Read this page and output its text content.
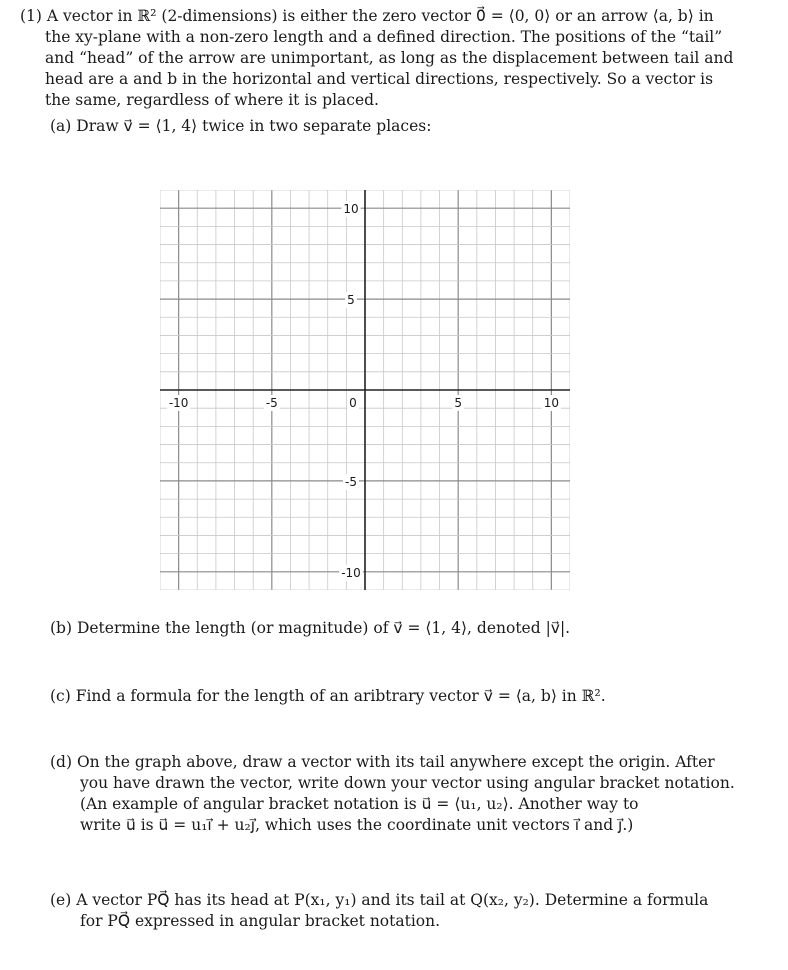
(1) A vector in ℝ² (2-dimensions) is either the zero vector 0⃗ = ⟨0, 0⟩ or an arrow ⟨a, b⟩ in
the xy-plane with a non-zero length and a defined direction. The positions of the “tail”
and “head” of the arrow are unimportant, as long as the displacement between tail and
head are a and b in the horizontal and vertical directions, respectively. So a vector is
the same, regardless of where it is placed.
(a) Draw v⃗ = ⟨1, 4⟩ twice in two separate places:
-10	-5	0	5	10
10
5
-5
-10
(b) Determine the length (or magnitude) of v⃗ = ⟨1, 4⟩, denoted |v⃗|.
(c) Find a formula for the length of an aribtrary vector v⃗ = ⟨a, b⟩ in ℝ².
(d) On the graph above, draw a vector with its tail anywhere except the origin. After
you have drawn the vector, write down your vector using angular bracket notation.
(An example of angular bracket notation is u⃗ = ⟨u₁, u₂⟩. Another way to
write u⃗ is u⃗ = u₁ı⃗ + u₂ȷ⃗, which uses the coordinate unit vectors ı⃗ and ȷ⃗.)
(e) A vector PQ⃗ has its head at P(x₁, y₁) and its tail at Q(x₂, y₂). Determine a formula
for PQ⃗ expressed in angular bracket notation.
